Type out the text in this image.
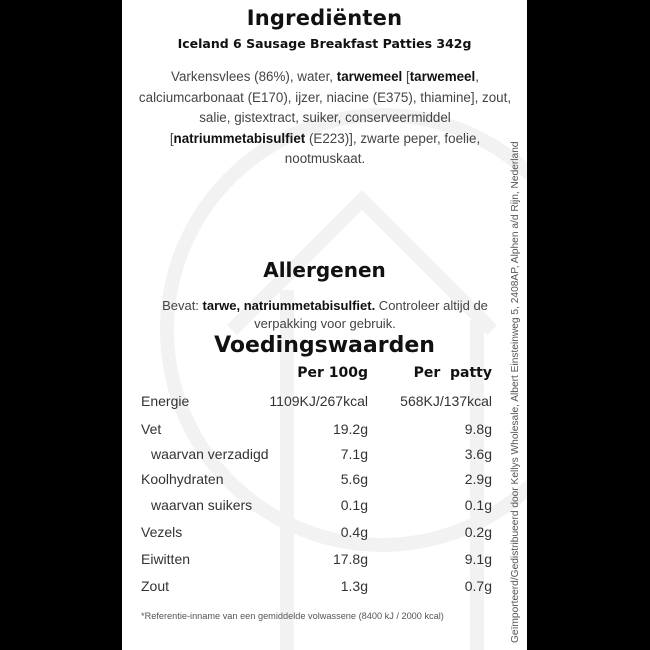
Ingrediënten
Iceland 6 Sausage Breakfast Patties 342g
Varkensvlees (86%), water, tarwemeel [tarwemeel, calciumcarbonaat (E170), ijzer, niacine (E375), thiamine], zout, salie, gistextract, suiker, conserveermiddel [natriummetabisulfiet (E223)], zwarte peper, foelie, nootmuskaat.
Allergenen
Bevat: tarwe, natriummetabisulfiet. Controleer altijd de verpakking voor gebruik.
Voedingswaarden
Per 100g	Per  patty
Energie	1109KJ/267kcal 568KJ/137kcal
Vet	19.2g	9.8g
waarvan verzadigd	7.1g	3.6g
Koolhydraten	5.6g	2.9g
waarvan suikers	0.1g	0.1g
Vezels	0.4g	0.2g
Eiwitten	17.8g	9.1g
Zout	1.3g	0.7g
*Referentie-inname van een gemiddelde volwassene (8400 kJ / 2000 kcal)	Geïmporteerd/Gedistribueerd door Kellys Wholesale, Albert Einsteinweg 5, 2408AP, Alphen a/d Rijn, Nederland
